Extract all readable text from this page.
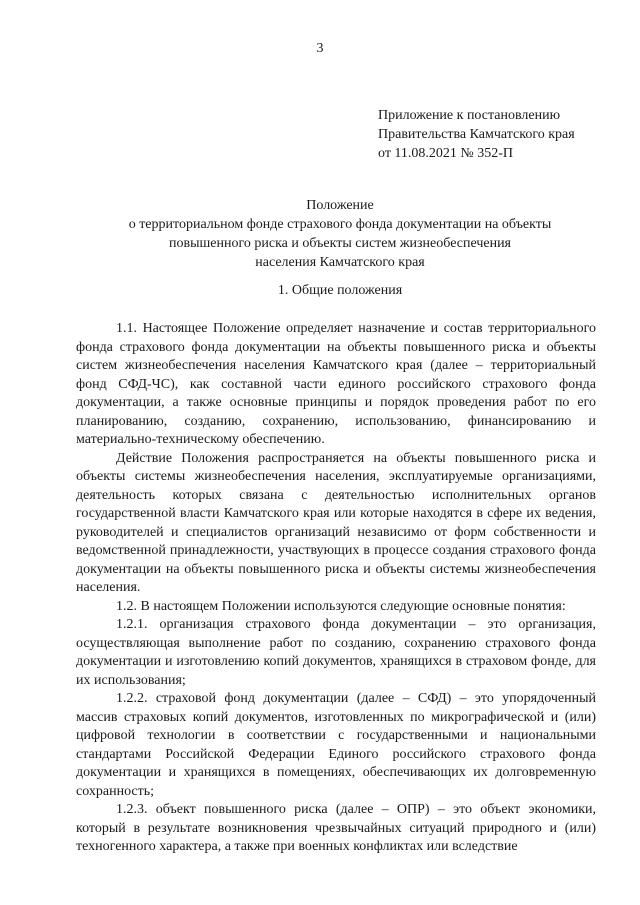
3
Приложение к постановлению
Правительства Камчатского края
от 11.08.2021 № 352-П
Положение
о территориальном фонде страхового фонда документации на объекты
повышенного риска и объекты систем жизнеобеспечения
населения Камчатского края
1. Общие положения

1.1. Настоящее Положение определяет назначение и состав территориального фонда страхового фонда документации на объекты повышенного риска и объекты систем жизнеобеспечения населения Камчатского края (далее – территориальный фонд СФД-ЧС), как составной части единого российского страхового фонда документации, а также основные принципы и порядок проведения работ по его планированию, созданию, сохранению, использованию, финансированию и материально-техническому обеспечению.

Действие Положения распространяется на объекты повышенного риска и объекты системы жизнеобеспечения населения, эксплуатируемые организациями, деятельность которых связана с деятельностью исполнительных органов государственной власти Камчатского края или которые находятся в сфере их ведения, руководителей и специалистов организаций независимо от форм собственности и ведомственной принадлежности, участвующих в процессе создания страхового фонда документации на объекты повышенного риска и объекты системы жизнеобеспечения населения.

1.2. В настоящем Положении используются следующие основные понятия:

1.2.1. организация страхового фонда документации – это организация, осуществляющая выполнение работ по созданию, сохранению страхового фонда документации и изготовлению копий документов, хранящихся в страховом фонде, для их использования;

1.2.2. страховой фонд документации (далее – СФД) – это упорядоченный массив страховых копий документов, изготовленных по микрографической и (или) цифровой технологии в соответствии с государственными и национальными стандартами Российской Федерации Единого российского страхового фонда документации и хранящихся в помещениях, обеспечивающих их долговременную сохранность;

1.2.3. объект повышенного риска (далее – ОПР) – это объект экономики, который в результате возникновения чрезвычайных ситуаций природного и (или) техногенного характера, а также при военных конфликтах или вследствие
